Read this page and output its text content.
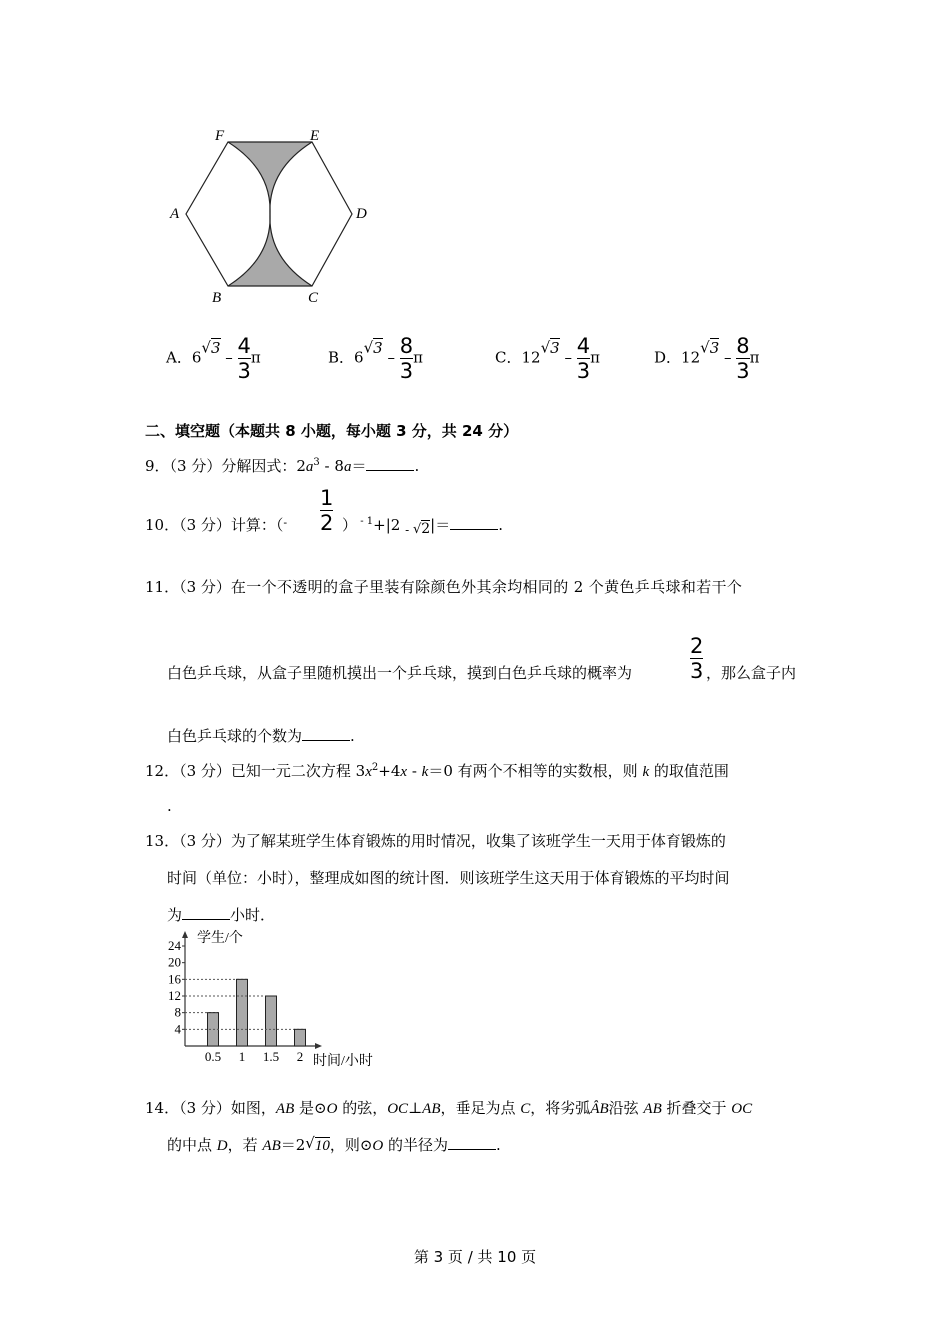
F	E
A	D
B	C
A．$6√3 - \frac{4}{3}$ π	B．$6√3 - \frac{8}{3}$ π	C．$12√3 - \frac{4}{3}$ π	D．$12√3 - \frac{8}{3}$ π
二、填空题（本题共 8 小题，每小题 3 分，共 24 分）
9．（3 分）分解因式：$2a^3 - 8a=$	.
10．（3 分）计算：（$^- \frac{1}{2}$ ） $^{- 1}$+|2 $_-$ √2|＝	.
11．（3 分）在一个不透明的盒子里装有除颜色外其余均相同的 2 个黄色乒乓球和若干个
白色乒乓球，从盒子里随机摸出一个乒乓球，摸到白色乒乓球的概率为	$\frac{2}{3}$ ，那么盒子内
白色乒乓球的个数为	.
12．（3 分）已知一元二次方程 $3x^2+4x - k=0$ 有两个不相等的实数根，则 k 的取值范围
.
13．（3 分）为了解某班学生体育锻炼的用时情况，收集了该班学生一天用于体育锻炼的
时间（单位：小时），整理成如图的统计图．则该班学生这天用于体育锻炼的平均时间
为	小时．
4
8
12
16
20
24
0.5 1 1.5 2
学生/个
时间/小时
14．（3 分）如图，AB 是⊙O 的弦，OC⊥AB，垂足为点 C，将劣弧ÂB沿弦 AB 折叠交于 OC
的中点 D，若 AB＝2√10，则⊙O 的半径为	.
第 3 页 / 共 10 页
